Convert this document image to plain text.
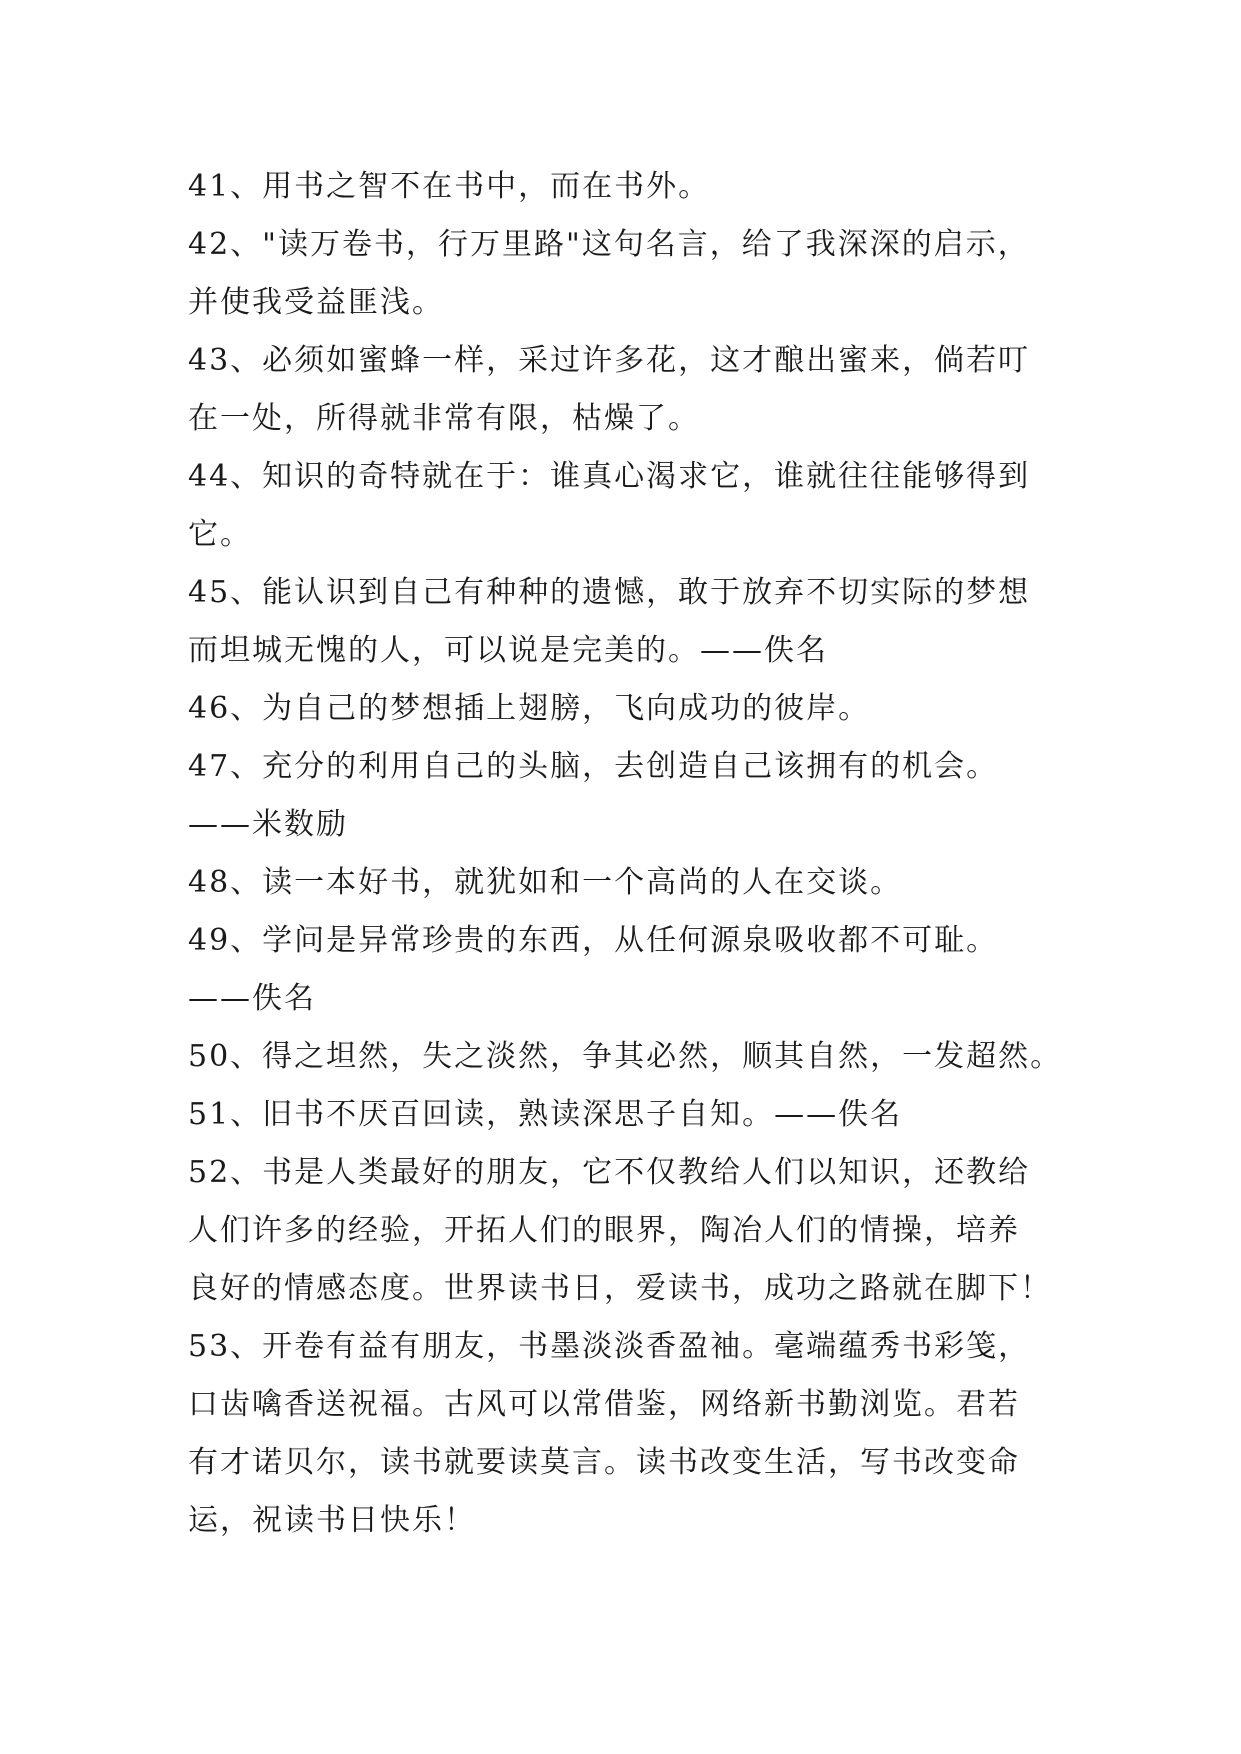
41、用书之智不在书中，而在书外。
42、"读万卷书，行万里路"这句名言，给了我深深的启示，
并使我受益匪浅。
43、必须如蜜蜂一样，采过许多花，这才酿出蜜来，倘若叮
在一处，所得就非常有限，枯燥了。
44、知识的奇特就在于：谁真心渴求它，谁就往往能够得到
它。
45、能认识到自己有种种的遗憾，敢于放弃不切实际的梦想
而坦城无愧的人，可以说是完美的。——佚名
46、为自己的梦想插上翅膀，飞向成功的彼岸。
47、充分的利用自己的头脑，去创造自己该拥有的机会。
——米数励
48、读一本好书，就犹如和一个高尚的人在交谈。
49、学问是异常珍贵的东西，从任何源泉吸收都不可耻。
——佚名
50、得之坦然，失之淡然，争其必然，顺其自然，一发超然。
51、旧书不厌百回读，熟读深思子自知。——佚名
52、书是人类最好的朋友，它不仅教给人们以知识，还教给
人们许多的经验，开拓人们的眼界，陶冶人们的情操，培养
良好的情感态度。世界读书日，爱读书，成功之路就在脚下！
53、开卷有益有朋友，书墨淡淡香盈袖。毫端蕴秀书彩笺，
口齿噙香送祝福。古风可以常借鉴，网络新书勤浏览。君若
有才诺贝尔，读书就要读莫言。读书改变生活，写书改变命
运，祝读书日快乐！
